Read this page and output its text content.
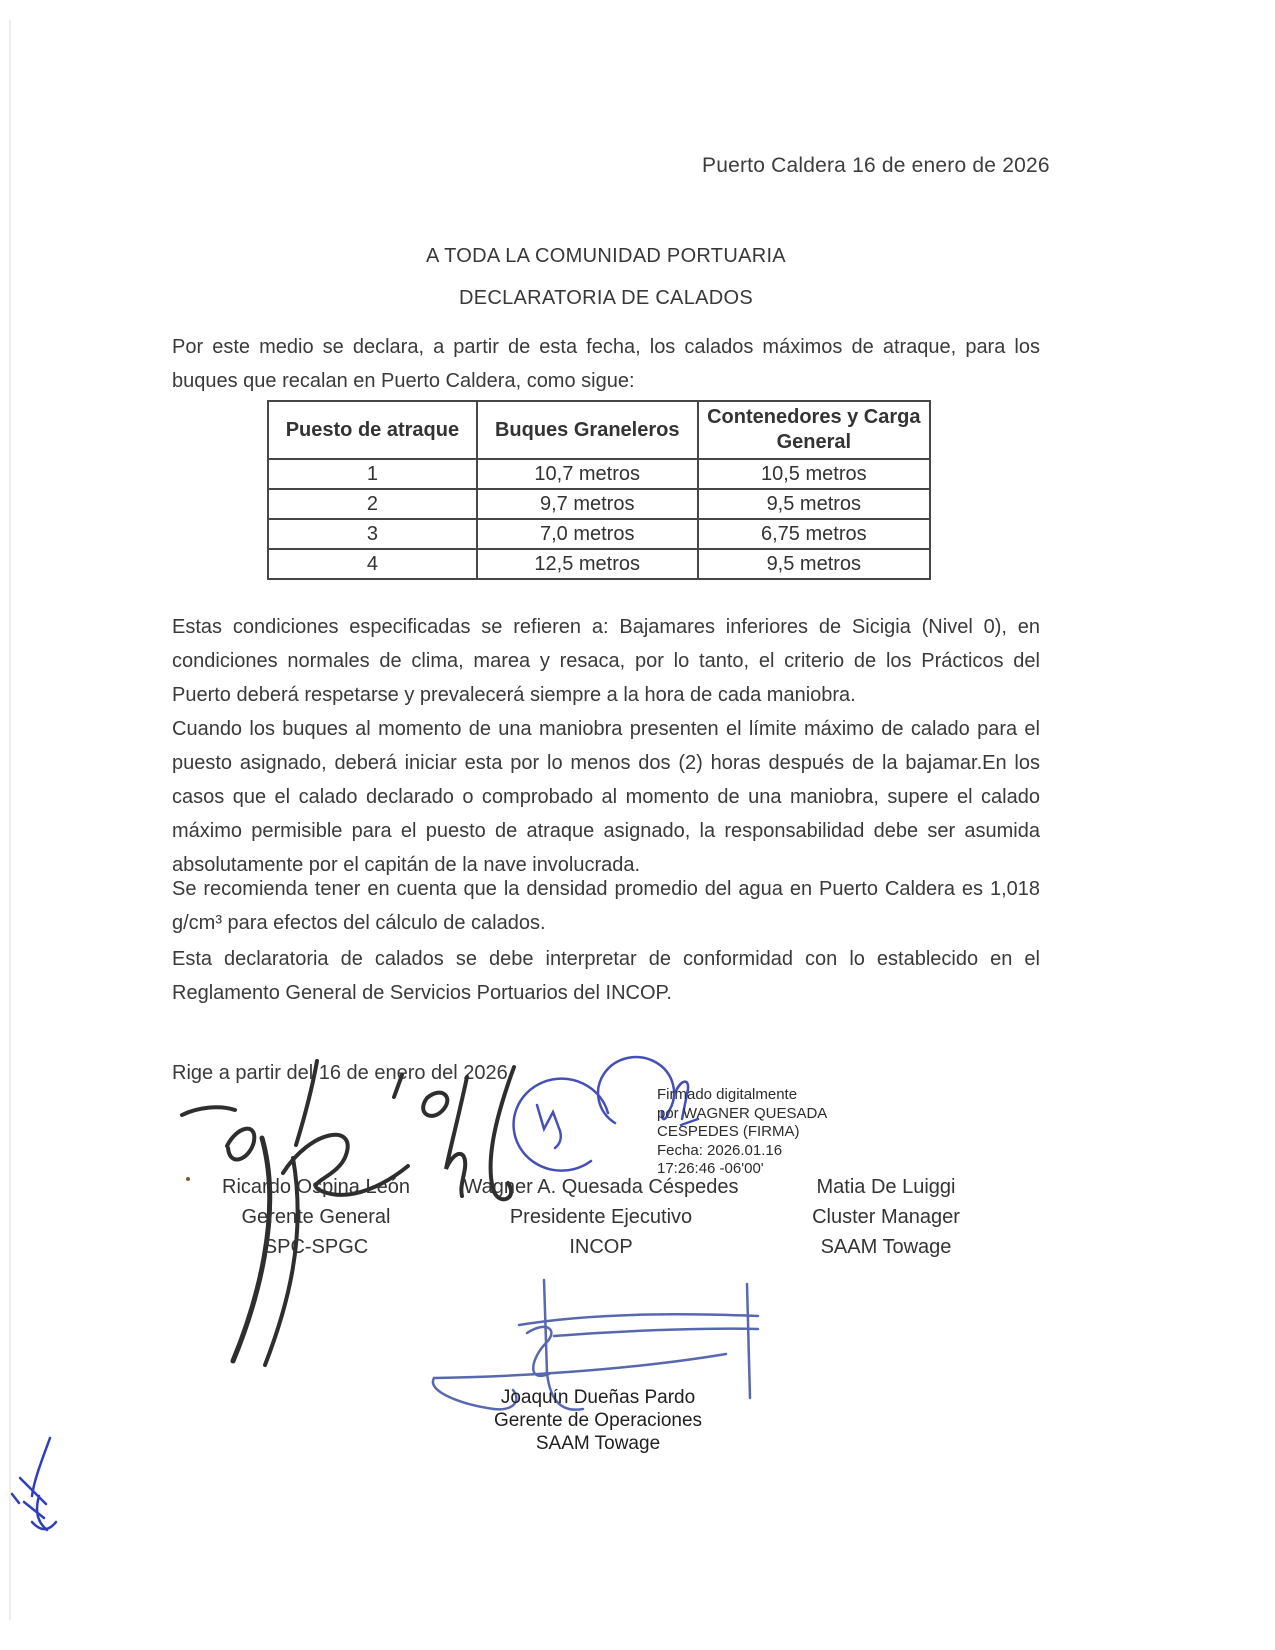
Puerto Caldera 16 de enero de 2026
A TODA LA COMUNIDAD PORTUARIA
DECLARATORIA DE CALADOS
Por este medio se declara, a partir de esta fecha, los calados máximos de atraque, para los buques que recalan en Puerto Caldera, como sigue:
Puesto de atraque	Buques Graneleros	Contenedores y Carga General
1	10,7 metros	10,5 metros
2	9,7 metros	9,5 metros
3	7,0 metros	6,75 metros
4	12,5 metros	9,5 metros
Estas condiciones especificadas se refieren a: Bajamares inferiores de Sicigia (Nivel 0), en condiciones normales de clima, marea y resaca, por lo tanto, el criterio de los Prácticos del Puerto deberá respetarse y prevalecerá siempre a la hora de cada maniobra.
Cuando los buques al momento de una maniobra presenten el límite máximo de calado para el puesto asignado, deberá iniciar esta por lo menos dos (2) horas después de la bajamar.En los casos que el calado declarado o comprobado al momento de una maniobra, supere el calado máximo permisible para el puesto de atraque asignado, la responsabilidad debe ser asumida absolutamente por el capitán de la nave involucrada.
Se recomienda tener en cuenta que la densidad promedio del agua en Puerto Caldera es 1,018 g/cm³ para efectos del cálculo de calados.
Esta declaratoria de calados se debe interpretar de conformidad con lo establecido en el Reglamento General de Servicios Portuarios del INCOP.
Rige a partir del 16 de enero del 2026.
Firmado digitalmente
por WAGNER QUESADA
CESPEDES (FIRMA)
Fecha: 2026.01.16
17:26:46 -06'00'
Ricardo Ospina León
Gerente General
SPC-SPGC
Wagner A. Quesada Céspedes
Presidente Ejecutivo
INCOP
Matia De Luiggi
Cluster Manager
SAAM Towage
Joaquín Dueñas Pardo
Gerente de Operaciones
SAAM Towage
